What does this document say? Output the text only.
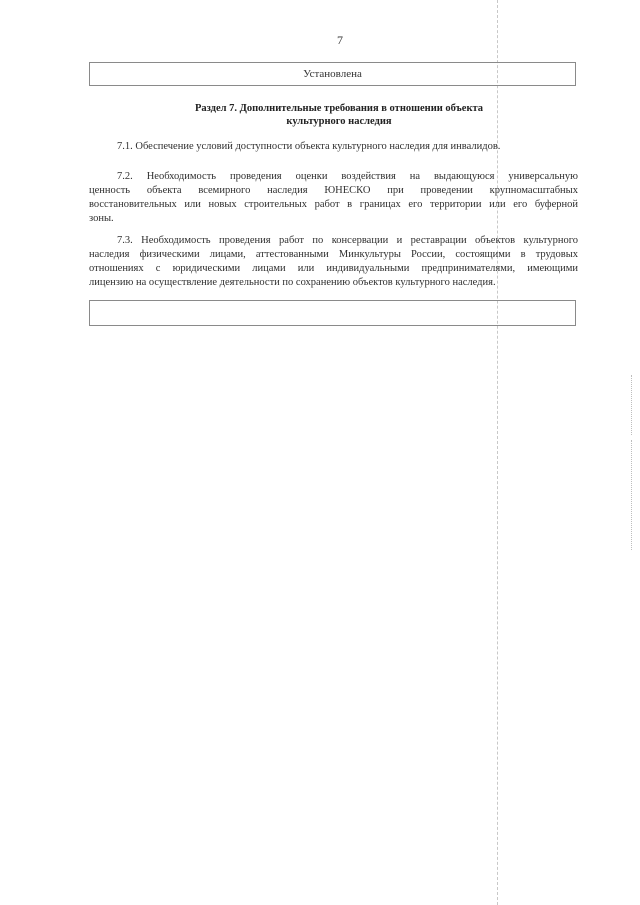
7
Установлена
Раздел 7. Дополнительные требования в отношении объекта
культурного наследия
7.1. Обеспечение условий доступности объекта культурного наследия для инвалидов.
7.2. Необходимость проведения оценки воздействия на выдающуюся универсальную
ценность объекта всемирного наследия ЮНЕСКО при проведении крупномасштабных
восстановительных или новых строительных работ в границах его территории или его буферной
зоны.
7.3. Необходимость проведения работ по консервации и реставрации объектов культурного
наследия физическими лицами, аттестованными Минкультуры России, состоящими в трудовых
отношениях с юридическими лицами или индивидуальными предпринимателями, имеющими
лицензию на осуществление деятельности по сохранению объектов культурного наследия.
